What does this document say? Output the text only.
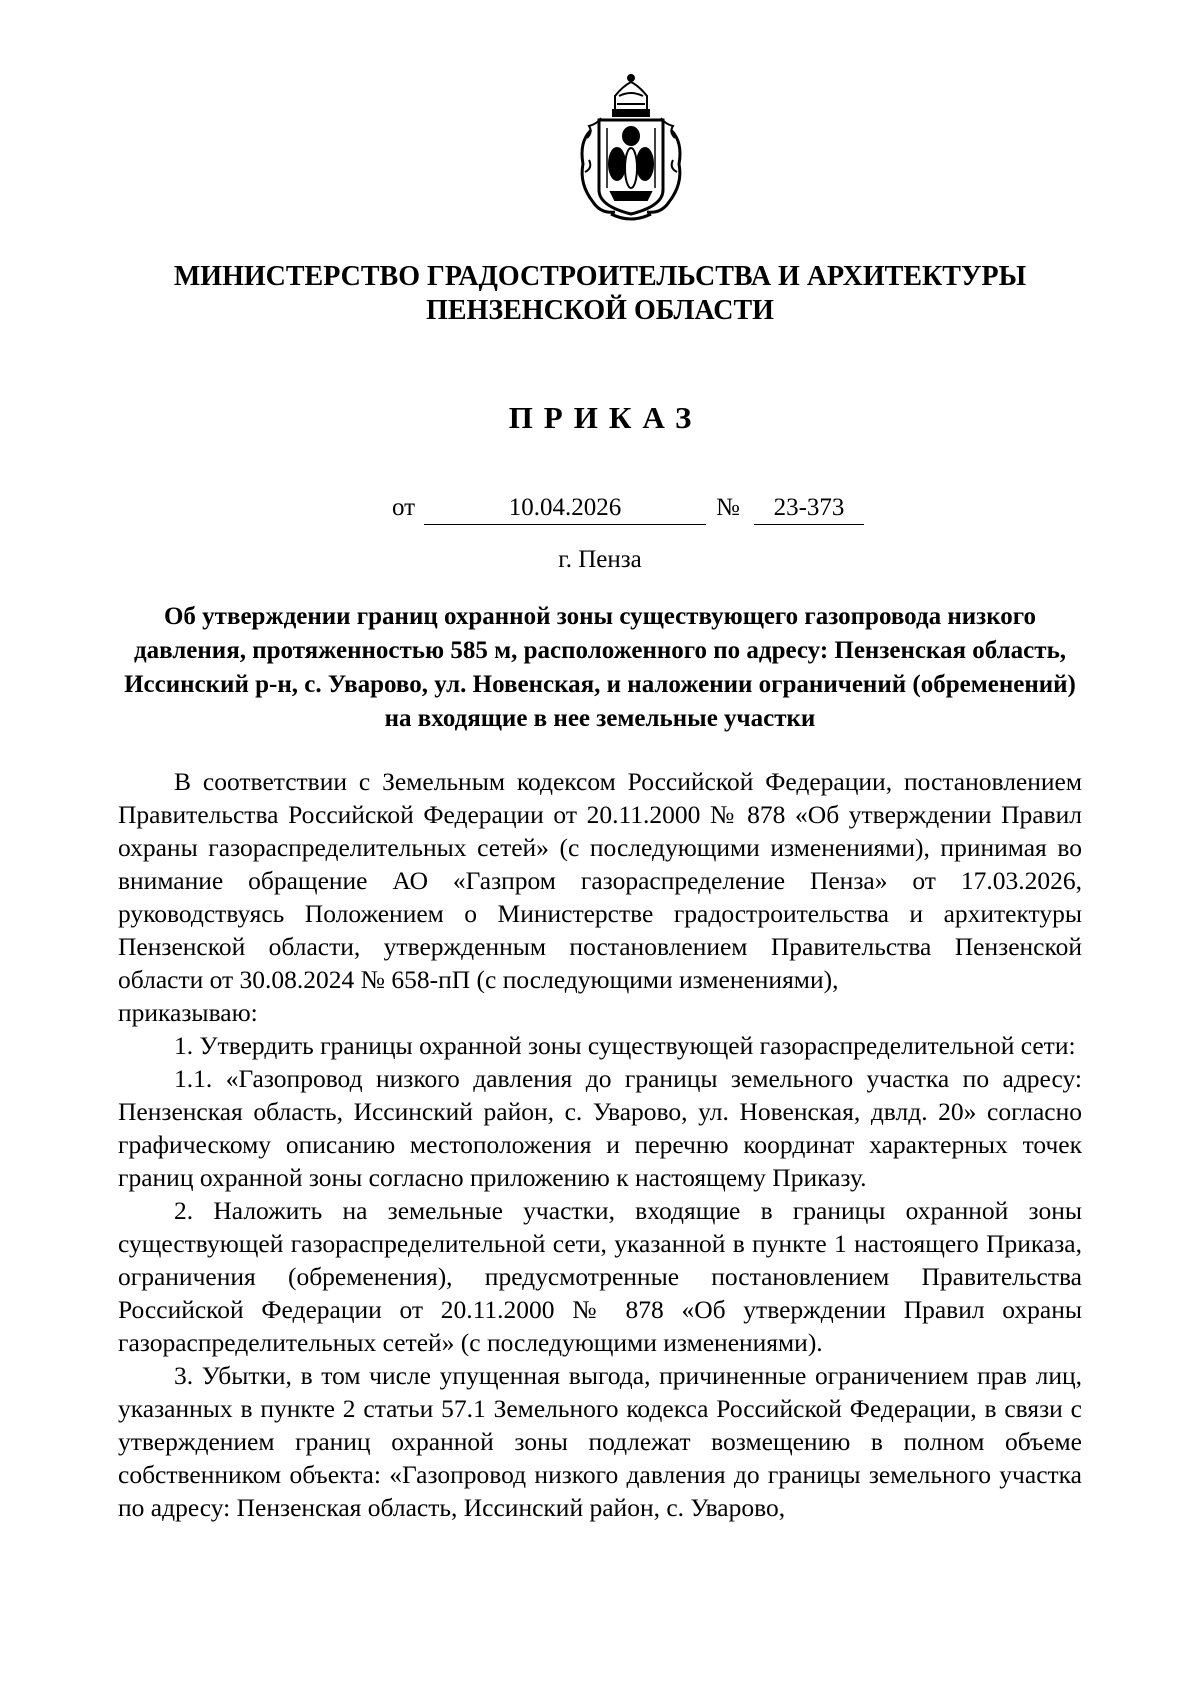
МИНИСТЕРСТВО ГРАДОСТРОИТЕЛЬСТВА И АРХИТЕКТУРЫ
ПЕНЗЕНСКОЙ ОБЛАСТИ
ПРИКАЗ
от	10.04.2026	№	23-373
г. Пенза
Об утверждении границ охранной зоны существующего газопровода низкого давления, протяженностью 585 м, расположенного по адресу: Пензенская область, Иссинский р-н, с. Уварово, ул. Новенская, и наложении ограничений (обременений) на входящие в нее земельные участки

В соответствии с Земельным кодексом Российской Федерации, постановлением Правительства Российской Федерации от 20.11.2000 № 878 «Об утверждении Правил охраны газораспределительных сетей» (с последующими изменениями), принимая во внимание обращение АО «Газпром газораспределение Пенза» от 17.03.2026, руководствуясь Положением о Министерстве градостроительства и архитектуры Пензенской области, утвержденным постановлением Правительства Пензенской области от 30.08.2024 № 658-пП (с последующими изменениями),

приказываю:

1. Утвердить границы охранной зоны существующей газораспределительной сети:

1.1. «Газопровод низкого давления до границы земельного участка по адресу: Пензенская область, Иссинский район, с. Уварово, ул. Новенская, двлд. 20» согласно графическому описанию местоположения и перечню координат характерных точек границ охранной зоны согласно приложению к настоящему Приказу.

2. Наложить на земельные участки, входящие в границы охранной зоны существующей газораспределительной сети, указанной в пункте 1 настоящего Приказа, ограничения (обременения), предусмотренные постановлением Правительства Российской Федерации от 20.11.2000 № 878 «Об утверждении Правил охраны газораспределительных сетей» (с последующими изменениями).

3. Убытки, в том числе упущенная выгода, причиненные ограничением прав лиц, указанных в пункте 2 статьи 57.1 Земельного кодекса Российской Федерации, в связи с утверждением границ охранной зоны подлежат возмещению в полном объеме собственником объекта: «Газопровод низкого давления до границы земельного участка по адресу: Пензенская область, Иссинский район, с. Уварово,
